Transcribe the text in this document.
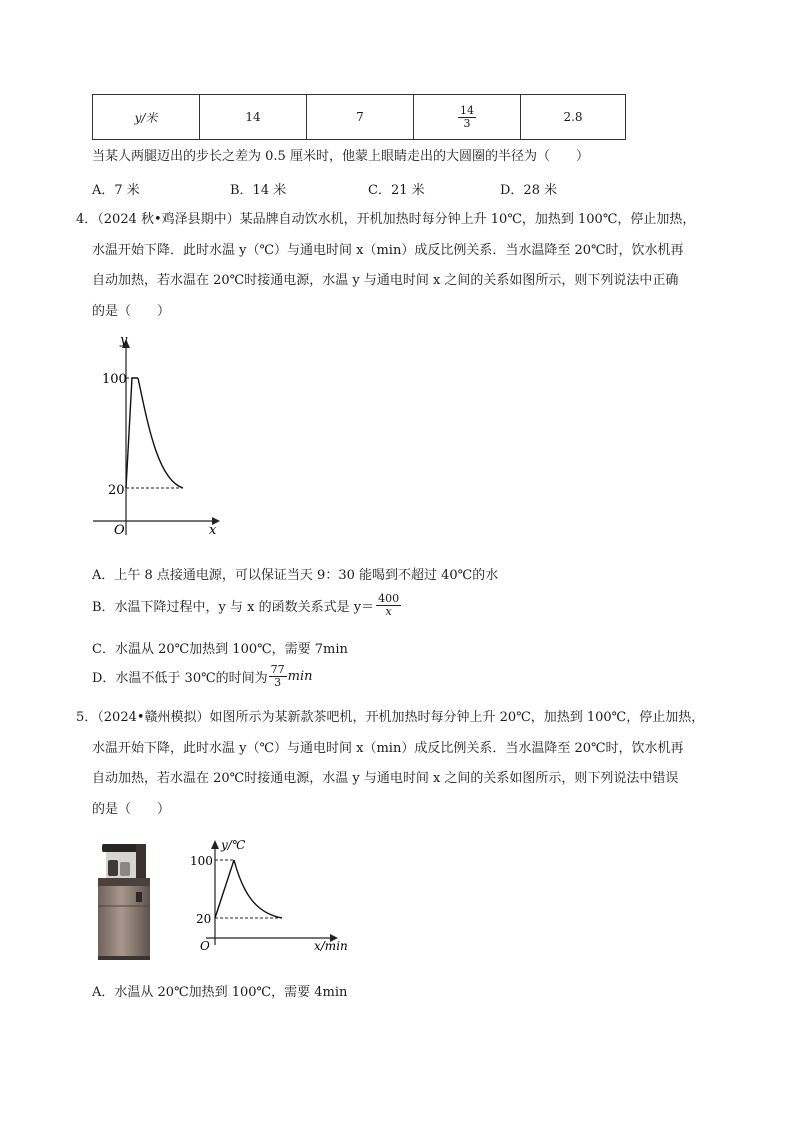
y/米	14	7	$\frac{14}{3}$	2.8
当某人两腿迈出的步长之差为 0.5 厘米时，他蒙上眼睛走出的大圆圈的半径为（　　）
A．7 米	B．14 米	C．21 米	D．28 米
4．（2024 秋•鸡泽县期中）某品牌自动饮水机，开机加热时每分钟上升 10℃，加热到 100℃，停止加热，
水温开始下降．此时水温 y（℃）与通电时间 x（min）成反比例关系．当水温降至 20℃时，饮水机再
自动加热，若水温在 20℃时接通电源，水温 y 与通电时间 x 之间的关系如图所示，则下列说法中正确
的是（　　）
y
x
O
100
20
A．上午 8 点接通电源，可以保证当天 9：30 能喝到不超过 40℃的水
B．水温下降过程中，y 与 x 的函数关系式是 $y= \frac{400}{x}$
C．水温从 20℃加热到 100℃，需要 7min
D．水温不低于 30℃的时间为 $\frac{77}{3}$ min
5．（2024•赣州模拟）如图所示为某新款茶吧机，开机加热时每分钟上升 20℃，加热到 100℃，停止加热，
水温开始下降，此时水温 y（℃）与通电时间 x（min）成反比例关系．当水温降至 20℃时，饮水机再
自动加热，若水温在 20℃时接通电源，水温 y 与通电时间 x 之间的关系如图所示，则下列说法中错误
的是（　　）
y/℃
x/min
O
100
20
A．水温从 20℃加热到 100℃，需要 4min
